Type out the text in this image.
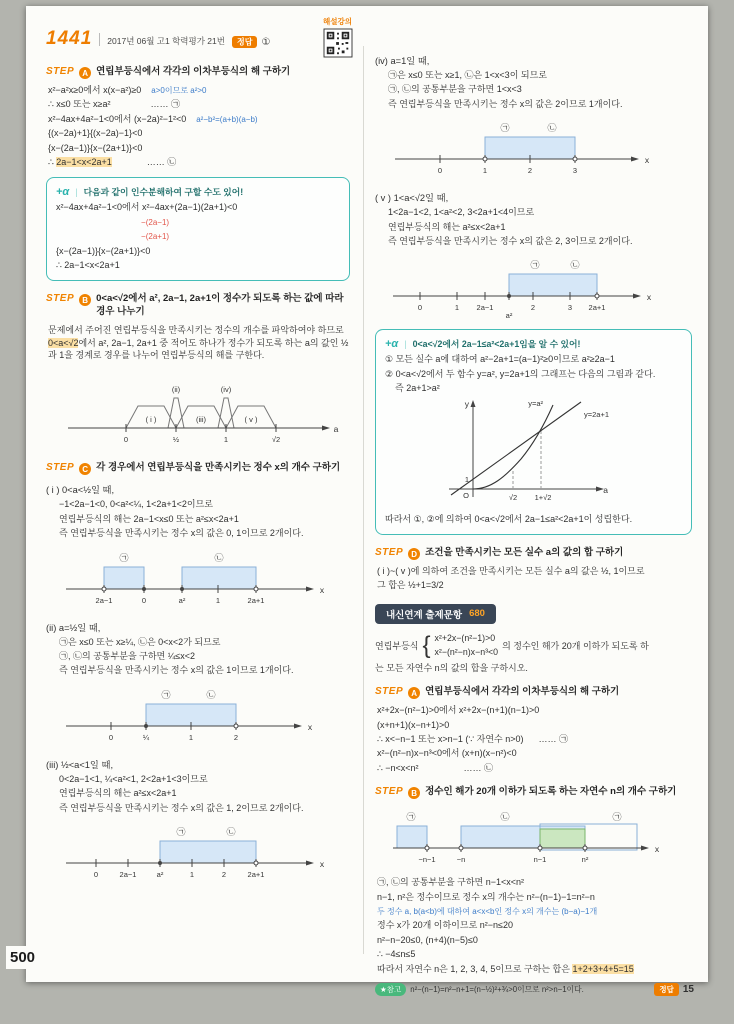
1441 2017년 06월 고1 학력평가 21번 정답 ①
해설강의
STEP	A 연립부등식에서 각각의 이차부등식의 해 구하기
x²−a²x≥0에서 x(x−a²)≥0    a>0이므로 a²>0
∴ x≤0 또는 x≥a²                …… ㉠
x²−4ax+4a²−1<0에서 (x−2a)²−1²<0    a²−b²=(a+b)(a−b)
{(x−2a)+1}{(x−2a)−1}<0
{x−(2a−1)}{x−(2a+1)}<0
∴ 2a−1<x<2a+1              …… ㉡
+α | 다음과 같이 인수분해하여 구할 수도 있어!
x²−4ax+4a²−1<0에서 x²−4ax+(2a−1)(2a+1)<0
−(2a−1)
−(2a+1)
{x−(2a−1)}{x−(2a+1)}<0
∴ 2a−1<x<2a+1
STEP	B 0<a<√2에서 a², 2a−1, 2a+1이 정수가 되도록 하는 값에 따라 경우 나누기
문제에서 주어진 연립부등식을 만족시키는 정수의 개수를 파악하여야 하므로 0<a<√2에서 a², 2a−1, 2a+1 중 적어도 하나가 정수가 되도록 하는 a의 값인 ½과 1을 경계로 경우를 나누어 연립부등식의 해를 구한다.
( i )
(ii)
(iii)
(iv)
( v )
0	½	1	√2
a
STEP	C 각 경우에서 연립부등식을 만족시키는 정수 x의 개수 구하기
( i ) 0<a<½일 때,
−1<2a−1<0, 0<a²<¼, 1<2a+1<2이므로
연립부등식의 해는 2a−1<x≤0 또는 a²≤x<2a+1
즉 연립부등식을 만족시키는 정수 x의 값은 0, 1이므로 2개이다.
㉠	㉡
2a−1	0	a²	1	2a+1
x
(ii) a=½일 때,
㉠은 x≤0 또는 x≥¼, ㉡은 0<x<2가 되므로
㉠, ㉡의 공통부분을 구하면 ¼≤x<2
즉 연립부등식을 만족시키는 정수 x의 값은 1이므로 1개이다.
㉠	㉡
0	¼	1	2
x
(iii) ½<a<1일 때,
0<2a−1<1, ¼<a²<1, 2<2a+1<3이므로
연립부등식의 해는 a²≤x<2a+1
즉 연립부등식을 만족시키는 정수 x의 값은 1, 2이므로 2개이다.
㉠	㉡
0	2a−1	a²	1	2	2a+1
x
(iv) a=1일 때,
㉠은 x≤0 또는 x≥1, ㉡은 1<x<3이 되므로
㉠, ㉡의 공통부분을 구하면 1<x<3
즉 연립부등식을 만족시키는 정수 x의 값은 2이므로 1개이다.
㉠	㉡
0	1	2	3
x
( v ) 1<a<√2일 때,
1<2a−1<2, 1<a²<2, 3<2a+1<4이므로
연립부등식의 해는 a²≤x<2a+1
즉 연립부등식을 만족시키는 정수 x의 값은 2, 3이므로 2개이다.
㉠	㉡
0	1 2a−1
a²
2	3 2a+1
x
+α | 0<a<√2에서 2a−1≤a²<2a+1임을 알 수 있어!
① 모든 실수 a에 대하여 a²−2a+1=(a−1)²≥0이므로 a²≥2a−1
② 0<a<√2에서 두 함수 y=a², y=2a+1의 그래프는 다음의 그림과 같다.
즉 2a+1>a²
y	y=a²
y=2a+1
1
O	√2 1+√2
a
따라서 ①, ②에 의하여 0<a<√2에서 2a−1≤a²<2a+1이 성립한다.
STEP	D 조건을 만족시키는 모든 실수 a의 값의 합 구하기
( i )~( v )에 의하여 조건을 만족시키는 모든 실수 a의 값은 ½, 1이므로
그 합은 ½+1=3/2
내신연계 출제문항 680
연립부등식 { x²+2x−(n²−1)>0
x²−(n²−n)x−n³<0
의 정수인 해가 20개 이하가 되도록 하
는 모든 자연수 n의 값의 합을 구하시오.
STEP	A 연립부등식에서 각각의 이차부등식의 해 구하기
x²+2x−(n²−1)>0에서 x²+2x−(n+1)(n−1)>0
(x+n+1)(x−n+1)>0
∴ x<−n−1 또는 x>n−1 (∵ 자연수 n>0)      …… ㉠
x²−(n²−n)x−n³<0에서 (x+n)(x−n²)<0
∴ −n<x<n²                  …… ㉡
STEP	B 정수인 해가 20개 이하가 되도록 하는 자연수 n의 개수 구하기
㉠	㉡	㉠
−n−1	−n	n−1	n²
x
㉠, ㉡의 공통부분을 구하면 n−1<x<n²
n−1, n²은 정수이므로 정수 x의 개수는 n²−(n−1)−1=n²−n
두 정수 a, b(a<b)에 대하여 a<x<b인 정수 x의 개수는 (b−a)−1개
정수 x가 20개 이하이므로 n²−n≤20
n²−n−20≤0, (n+4)(n−5)≤0
∴ −4≤n≤5
따라서 자연수 n은 1, 2, 3, 4, 5이므로 구하는 합은 1+2+3+4+5=15
★참고	n²−(n−1)=n²−n+1=(n−½)²+¾>0이므로 n²>n−1이다.	정답 15
500
